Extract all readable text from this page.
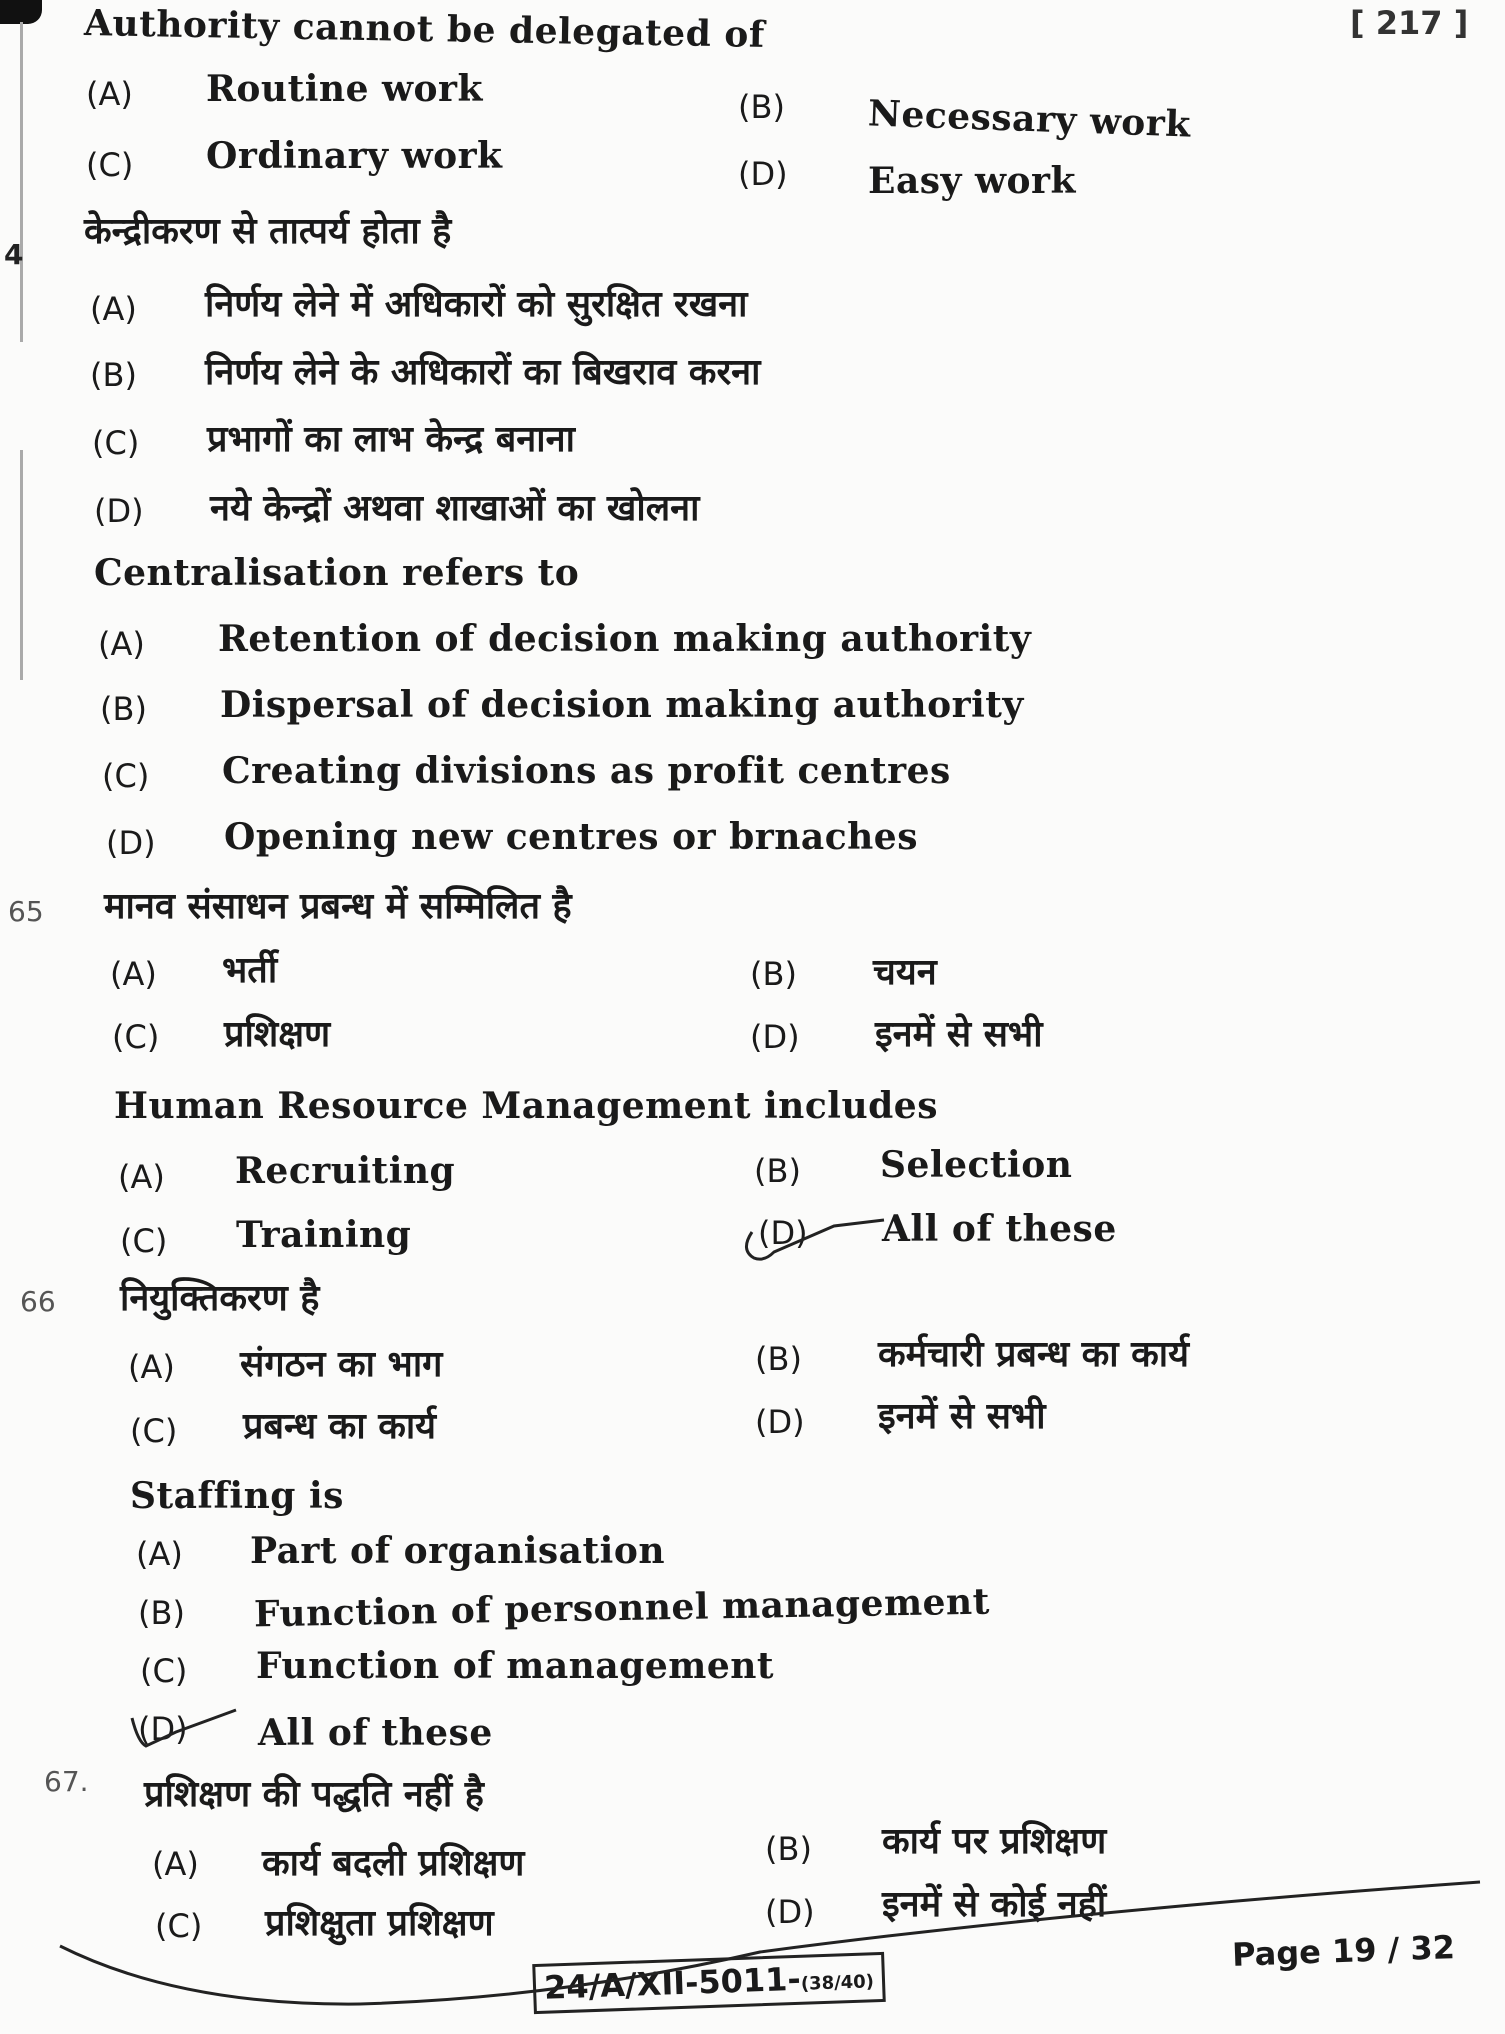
[ 217 ]
Authority cannot be delegated of
(A) Routine work	(B) Necessary work
(C) Ordinary work	(D) Easy work
4
केन्द्रीकरण से तात्पर्य होता है
(A) निर्णय लेने में अधिकारों को सुरक्षित रखना
(B) निर्णय लेने के अधिकारों का बिखराव करना
(C) प्रभागों का लाभ केन्द्र बनाना
(D) नये केन्द्रों अथवा शाखाओं का खोलना
Centralisation refers to
(A) Retention of decision making authority
(B) Dispersal of decision making authority
(C) Creating divisions as profit centres
(D) Opening new centres or brnaches
65 मानव संसाधन प्रबन्ध में सम्मिलित है
(A) भर्ती	(B) चयन
(C) प्रशिक्षण	(D) इनमें से सभी
Human Resource Management includes
(A) Recruiting	(B) Selection
(C) Training	(D) All of these
66 नियुक्तिकरण है
(A) संगठन का भाग	(B) कर्मचारी प्रबन्ध का कार्य
(C) प्रबन्ध का कार्य	(D) इनमें से सभी
Staffing is
(A) Part of organisation
(B) Function of personnel management
(C) Function of management
(D) All of these
67. प्रशिक्षण की पद्धति नहीं है
(A) कार्य बदली प्रशिक्षण	(B) कार्य पर प्रशिक्षण
(C) प्रशिक्षुता प्रशिक्षण	(D) इनमें से कोई नहीं
24/A/XII-5011-(38/40)
Page 19 / 32
